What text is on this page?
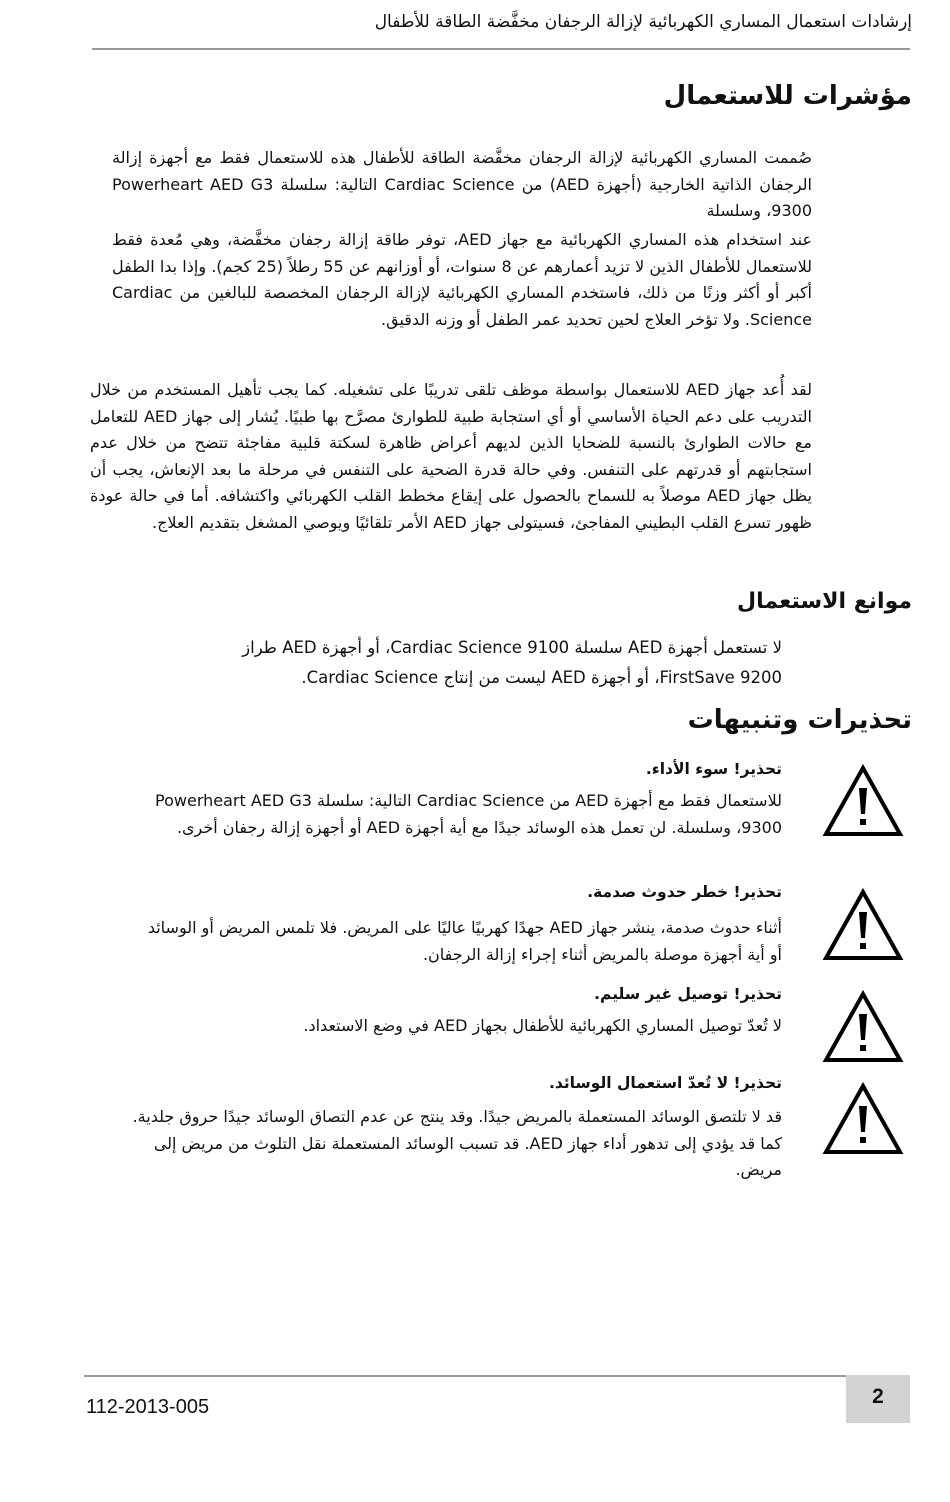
إرشادات استعمال المساري الكهربائية لإزالة الرجفان مخفَّضة الطاقة للأطفال
مؤشرات للاستعمال

صُممت المساري الكهربائية لإزالة الرجفان مخفَّضة الطاقة للأطفال هذه للاستعمال فقط مع أجهزة إزالة الرجفان الذاتية الخارجية (أجهزة AED) من Cardiac Science التالية: سلسلة Powerheart AED G3 9300، وسلسلة

عند استخدام هذه المساري الكهربائية مع جهاز AED، توفر طاقة إزالة رجفان مخفَّضة، وهي مُعدة فقط للاستعمال للأطفال الذين لا تزيد أعمارهم عن 8 سنوات، أو أوزانهم عن 55 رطلاً (25 كجم). وإذا بدا الطفل أكبر أو أكثر وزنًا من ذلك، فاستخدم المساري الكهربائية لإزالة الرجفان المخصصة للبالغين من Cardiac Science. ولا تؤخر العلاج لحين تحديد عمر الطفل أو وزنه الدقيق.

لقد أُعد جهاز AED للاستعمال بواسطة موظف تلقى تدريبًا على تشغيله. كما يجب تأهيل المستخدم من خلال التدريب على دعم الحياة الأساسي أو أي استجابة طبية للطوارئ مصرَّح بها طبيًا. يُشار إلى جهاز AED للتعامل مع حالات الطوارئ بالنسبة للضحايا الذين لديهم أعراض ظاهرة لسكتة قلبية مفاجئة تتضح من خلال عدم استجابتهم أو قدرتهم على التنفس. وفي حالة قدرة الضحية على التنفس في مرحلة ما بعد الإنعاش، يجب أن يظل جهاز AED موصلاً به للسماح بالحصول على إيقاع مخطط القلب الكهربائي واكتشافه. أما في حالة عودة ظهور تسرع القلب البطيني المفاجئ، فسيتولى جهاز AED الأمر تلقائيًا ويوصي المشغل بتقديم العلاج.

موانع الاستعمال

لا تستعمل أجهزة AED سلسلة Cardiac Science 9100، أو أجهزة AED طراز FirstSave 9200، أو أجهزة AED ليست من إنتاج Cardiac Science.

تحذيرات وتنبيهات

تحذير! سوء الأداء.

للاستعمال فقط مع أجهزة AED من Cardiac Science التالية: سلسلة Powerheart AED G3 9300، وسلسلة. لن تعمل هذه الوسائد جيدًا مع أية أجهزة AED أو أجهزة إزالة رجفان أخرى.

تحذير! خطر حدوث صدمة.

أثناء حدوث صدمة، ينشر جهاز AED جهدًا كهربيًا عاليًا على المريض. فلا تلمس المريض أو الوسائد أو أية أجهزة موصلة بالمريض أثناء إجراء إزالة الرجفان.

تحذير! توصيل غير سليم.

لا تُعدّ توصيل المساري الكهربائية للأطفال بجهاز AED في وضع الاستعداد.

تحذير! لا تُعدّ استعمال الوسائد.

قد لا تلتصق الوسائد المستعملة بالمريض جيدًا. وقد ينتج عن عدم التصاق الوسائد جيدًا حروق جلدية. كما قد يؤدي إلى تدهور أداء جهاز AED. قد تسبب الوسائد المستعملة نقل التلوث من مريض إلى مريض.

112-2013-005	2
